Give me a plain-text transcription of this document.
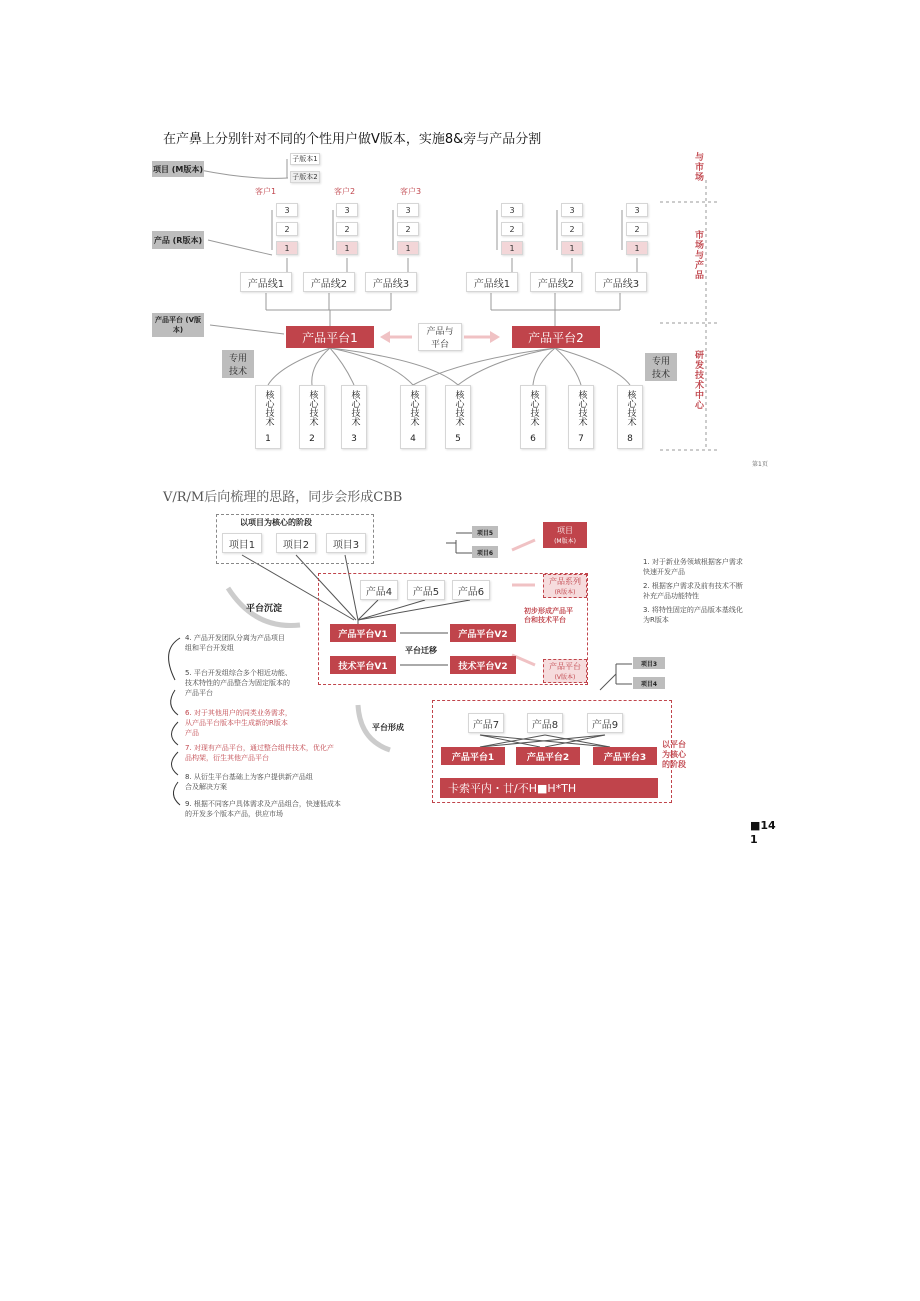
在产鼻上分别针对不同的个性用户做V版本，实施8&旁与产品分割
项目 (M版本)
产品 (R版本)
产品平台 (V版本)
子版本1
子版本2
客户1	客户2	客户3
3
2
1
3
2
1
3
2
1
3
2
1
3
2
1
3
2
1
产品线1	产品线2	产品线3	产品线1	产品线2	产品线3
产品平台1	产品与平台
产品平台2
专用技术
专用技术
核心技术
1
核心技术
2
核心技术
3
核心技术
4
核心技术
5
核心技术
6
核心技术
7
核心技术
8
与市场
市场与产品
研发技术中心
第1页
V/R/M后向梳理的思路，同步会形成CBB
以项目为核心的阶段
项目1	项目2	项目3
项目5
项目6
项目
(M版本)
产品4	产品5	产品6
产品系列
(R版本)
平台沉淀
产品平台V1	产品平台V2
平台迁移
技术平台V1	技术平台V2
初步形成产品平台和技术平台
产品平台
(V版本)
1. 对于新业务领域根据客户需求快速开发产品
2. 根据客户需求及前有技术不断补充产品功能特性
3. 将特性固定的产品版本基线化为R版本
4. 产品开发团队分离为产品项目组和平台开发组
5. 平台开发组综合多个相近功能、技术特性的产品整合为固定版本的产品平台
6. 对于其他用户的同类业务需求，从产品平台版本中生成新的R版本产品
7. 对现有产品平台，通过整合组件技术，优化产品构架，衍生其他产品平台
8. 从衍生平台基础上为客户提供新产品组合及解决方案
9. 根据不同客户具体需求及产品组合，快速低成本的开发多个版本产品，供应市场
平台形成
项目3
项目4
产品7	产品8	产品9
产品平台1	产品平台2	产品平台3
以平台为核心的阶段
卡索平内・廿/不H■H*TH
■14 1
